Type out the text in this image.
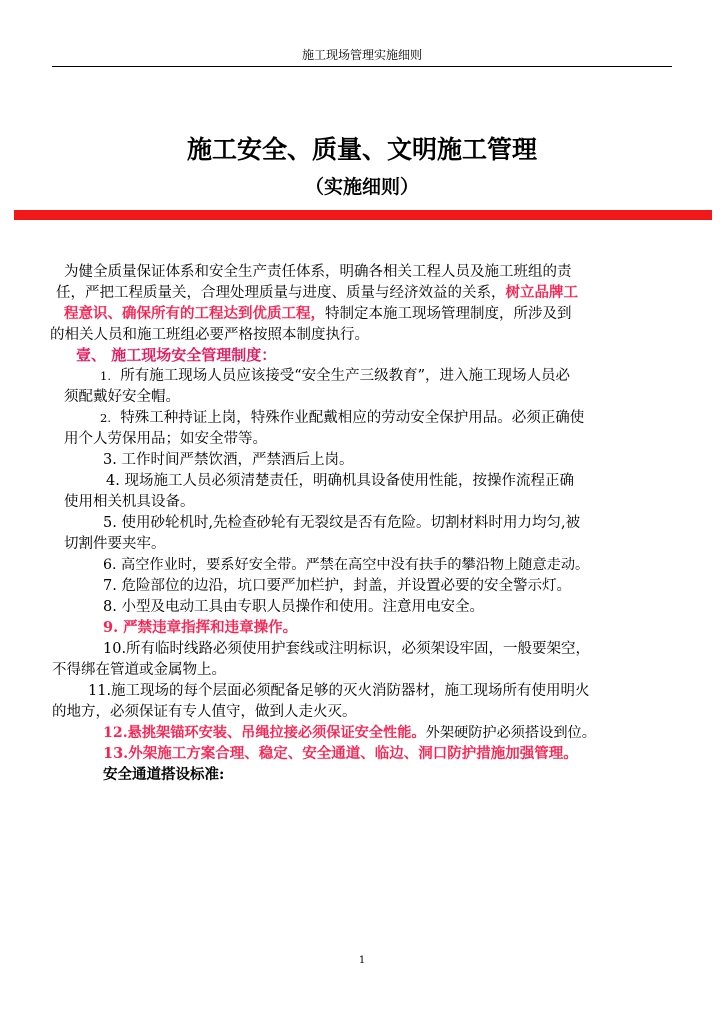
施工现场管理实施细则
施工安全、质量、文明施工管理
（实施细则）
为健全质量保证体系和安全生产责任体系，明确各相关工程人员及施工班组的责
任，严把工程质量关，合理处理质量与进度、质量与经济效益的关系，树立品牌工
程意识、确保所有的工程达到优质工程，特制定本施工现场管理制度，所涉及到
的相关人员和施工班组必要严格按照本制度执行。
壹、 施工现场安全管理制度：
1. 所有施工现场人员应该接受“安全生产三级教育”，进入施工现场人员必
须配戴好安全帽。
2. 特殊工种持证上岗，特殊作业配戴相应的劳动安全保护用品。必须正确使
用个人劳保用品；如安全带等。
3. 工作时间严禁饮酒，严禁酒后上岗。
4. 现场施工人员必须清楚责任，明确机具设备使用性能，按操作流程正确
使用相关机具设备。
5. 使用砂轮机时,先检查砂轮有无裂纹是否有危险。切割材料时用力均匀,被
切割件要夹牢。
6. 高空作业时，要系好安全带。严禁在高空中没有扶手的攀沿物上随意走动。
7. 危险部位的边沿，坑口要严加栏护，封盖，并设置必要的安全警示灯。
8. 小型及电动工具由专职人员操作和使用。注意用电安全。
9. 严禁违章指挥和违章操作。
10.所有临时线路必须使用护套线或注明标识，必须架设牢固，一般要架空，
不得绑在管道或金属物上。
11.施工现场的每个层面必须配备足够的灭火消防器材，施工现场所有使用明火
的地方，必须保证有专人值守，做到人走火灭。
12.悬挑架锚环安装、吊绳拉接必须保证安全性能。外架硬防护必须搭设到位。
13.外架施工方案合理、稳定、安全通道、临边、洞口防护措施加强管理。
安全通道搭设标准:
1
